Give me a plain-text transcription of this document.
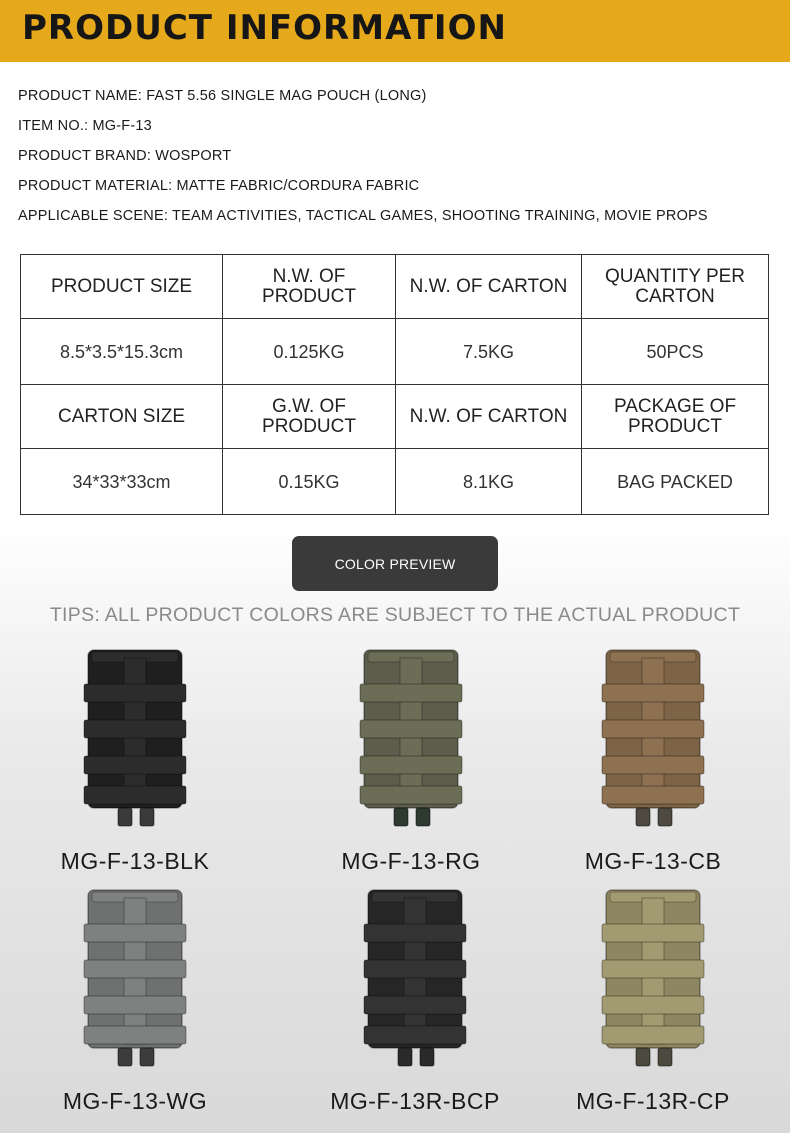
PRODUCT INFORMATION
PRODUCT NAME: FAST 5.56 SINGLE MAG POUCH (LONG)
ITEM NO.: MG-F-13
PRODUCT BRAND: WOSPORT
PRODUCT MATERIAL: MATTE FABRIC/CORDURA FABRIC
APPLICABLE SCENE: TEAM ACTIVITIES, TACTICAL GAMES, SHOOTING TRAINING, MOVIE PROPS
PRODUCT SIZE	N.W. OF PRODUCT	N.W. OF CARTON	QUANTITY PER CARTON
8.5*3.5*15.3cm	0.125KG	7.5KG	50PCS
CARTON SIZE	G.W. OF PRODUCT	N.W. OF CARTON	PACKAGE OF PRODUCT
34*33*33cm	0.15KG	8.1KG	BAG PACKED
COLOR PREVIEW
TIPS: ALL PRODUCT COLORS ARE SUBJECT TO THE ACTUAL PRODUCT
MG-F-13-BLK	MG-F-13-RG	MG-F-13-CB
MG-F-13-WG	MG-F-13R-BCP	MG-F-13R-CP
